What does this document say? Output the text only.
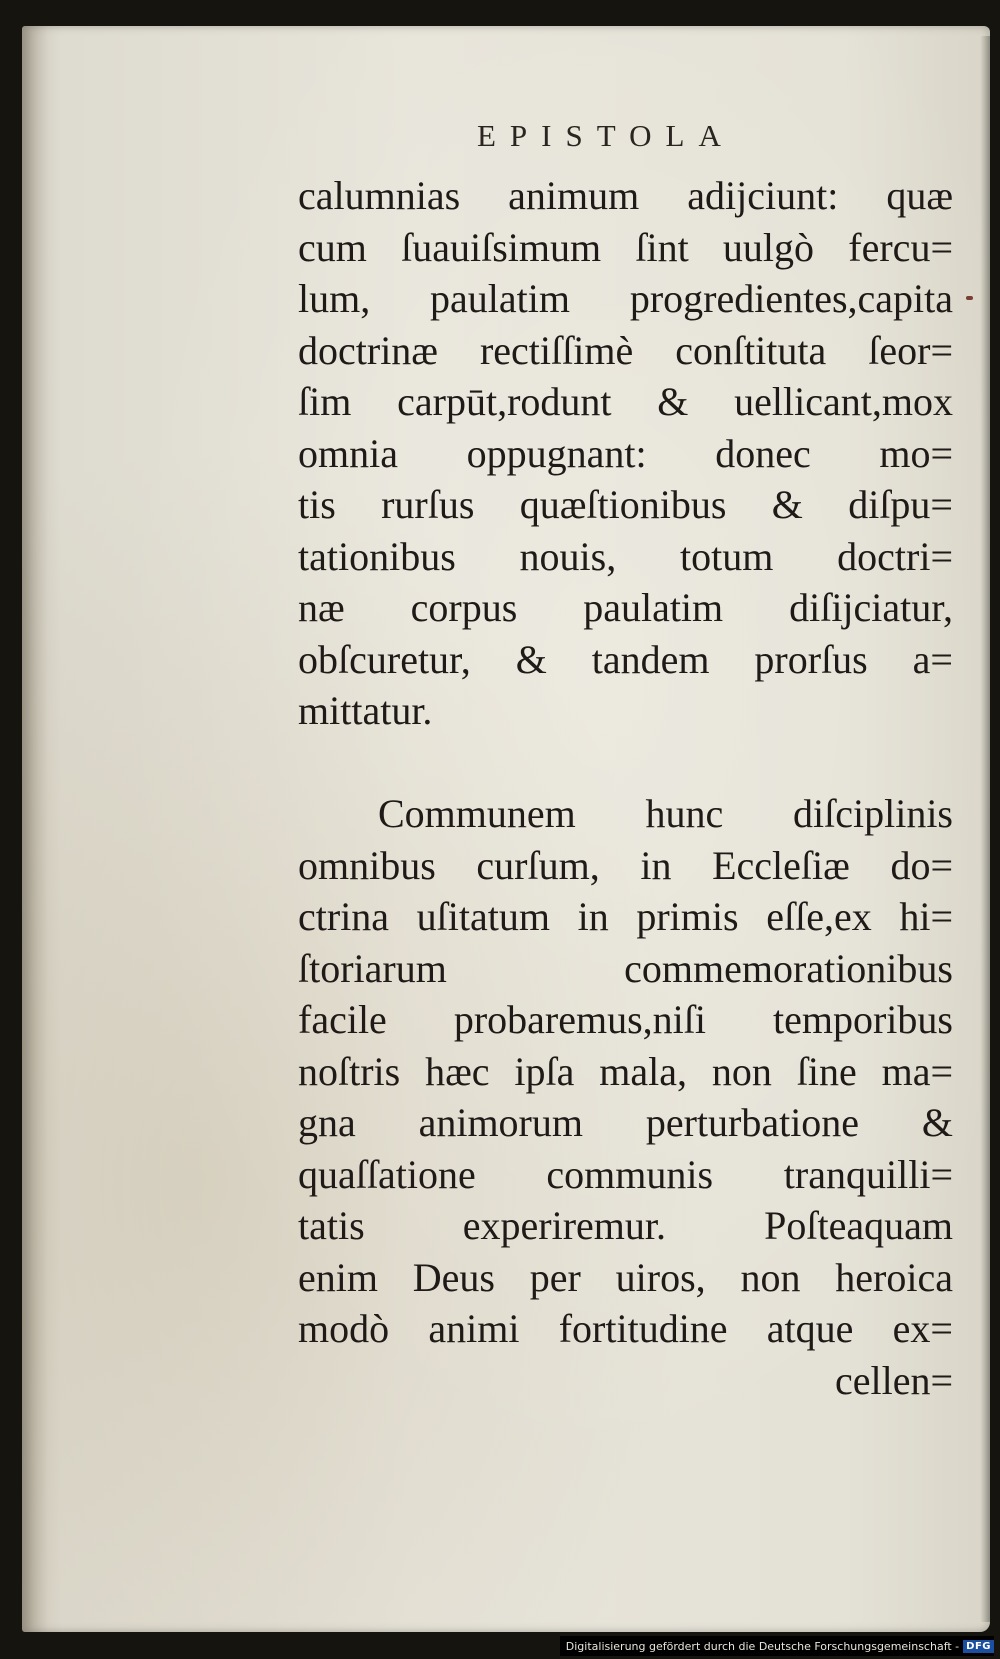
EPISTOLA
calumnias animum adijciunt: quæ
cum ſuauiſsimum ſint uulgò fercu=
lum, paulatim progredientes,capita
doctrinæ rectiſſimè conſtituta ſeor=
ſim carpūt,rodunt & uellicant,mox
omnia oppugnant: donec mo=
tis rurſus quæſtionibus & diſpu=
tationibus nouis, totum doctri=
næ corpus paulatim diſijciatur,
obſcuretur, & tandem prorſus a=
mittatur.
Communem hunc diſciplinis
omnibus curſum, in Eccleſiæ do=
ctrina uſitatum in primis eſſe,ex hi=
ſtoriarum commemorationibus
facile probaremus,niſi temporibus
noſtris hæc ipſa mala, non ſine ma=
gna animorum perturbatione &
quaſſatione communis tranquilli=
tatis experiremur. Poſteaquam
enim Deus per uiros, non heroica
modò animi fortitudine atque ex=
cellen=
Digitalisierung gefördert durch die Deutsche Forschungsgemeinschaft - DFG
